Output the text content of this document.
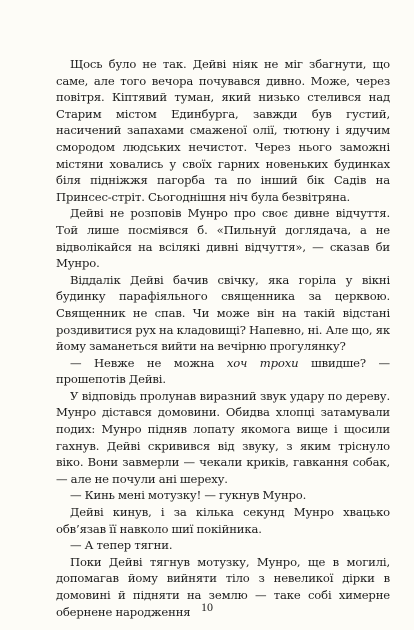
Щось було не так. Дейві ніяк не міг збагнути, що саме, але того вечора почувався дивно. Може, через повітря. Кіптявий туман, який низько стелився над Старим містом Единбурга, завжди був густий, насичений запахами смаженої олії, тютюну і ядучим смородом людських нечистот. Через нього заможні містяни ховались у своїх гарних новеньких будинках біля підніжжя пагорба та по інший бік Садів на Принсес-стріт. Сьогоднішня ніч була безвітряна.

Дейві не розповів Мунро про своє дивне відчуття. Той лише посміявся б. «Пильнуй доглядача, а не відволікайся на всілякі дивні відчуття», — сказав би Мунро.

Віддалік Дейві бачив свічку, яка горіла у вікні будинку парафіяльного священника за церквою. Священник не спав. Чи може він на такій відстані роздивитися рух на кладовищі? Напевно, ні. Але що, як йому заманеться вийти на вечірню прогулянку?

— Невже не можна хоч трохи швидше? — прошепотів Дейві.

У відповідь пролунав виразний звук удару по дереву. Мунро дістався домовини. Обидва хлопці затамували подих: Мунро підняв лопату якомога вище і щосили гахнув. Дейві скривився від звуку, з яким тріснуло віко. Вони завмерли — чекали криків, гавкання собак, — але не почули ані шереху.

— Кинь мені мотузку! — гукнув Мунро.

Дейві кинув, і за кілька секунд Мунро хвацько обв’язав її навколо шиї покійника.

— А тепер тягни.

Поки Дейві тягнув мотузку, Мунро, ще в могилі, допомагав йому вийняти тіло з невеликої дірки в домовині й підняти на землю — таке собі химерне обернене народження 10
